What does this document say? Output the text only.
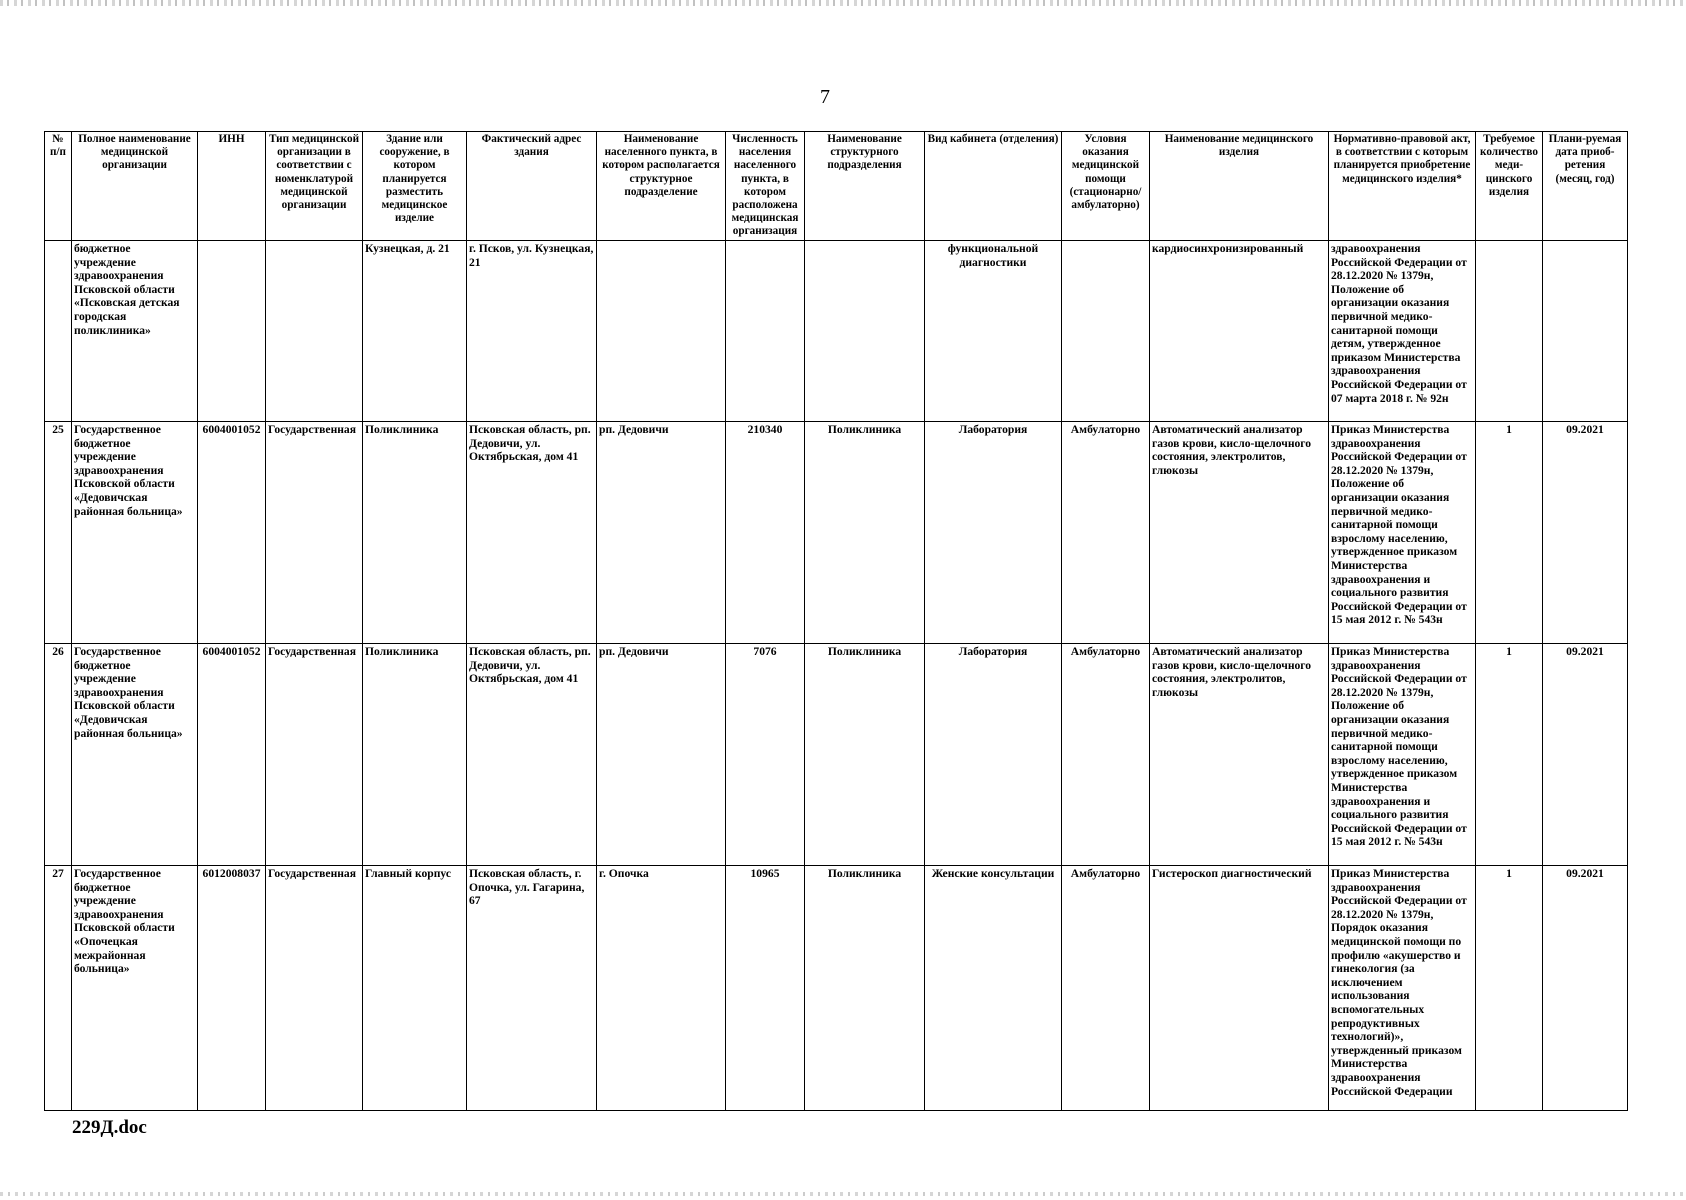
7
№ п/п	Полное наименование медицинской организации	ИНН	Тип медицинской организации в соответствии с номенклатурой медицинской организации	Здание или сооружение, в котором планируется разместить медицинское изделие	Фактический адрес здания	Наименование населенного пункта, в котором располагается структурное подразделение	Численность населения населенного пункта, в котором расположена медицинская организация	Наименование структурного подразделения	Вид кабинета (отделения)	Условия оказания медицинской помощи (стационарно/ амбулаторно)	Наименование медицинского изделия	Нормативно-правовой акт, в соответствии с которым планируется приобретение медицинского изделия*	Требуемое количество меди-цинского изделия	Плани-руемая дата приоб-ретения (месяц, год)
	бюджетное учреждение здравоохранения Псковской области «Псковская детская городская поликлиника»			Кузнецкая, д. 21	г. Псков, ул. Кузнецкая, 21				функциональной диагностики		кардиосинхронизированный	здравоохранения Российской Федерации от 28.12.2020 № 1379н, Положение об организации оказания первичной медико-санитарной помощи детям, утвержденное приказом Министерства здравоохранения Российской Федерации от 07 марта 2018 г. № 92н		
25	Государственное бюджетное учреждение здравоохранения Псковской области «Дедовичская районная больница»	6004001052	Государственная	Поликлиника	Псковская область, рп. Дедовичи, ул. Октябрьская, дом 41	рп. Дедовичи	210340	Поликлиника	Лаборатория	Амбулаторно	Автоматический анализатор газов крови, кисло-щелочного состояния, электролитов, глюкозы	Приказ Министерства здравоохранения Российской Федерации от 28.12.2020 № 1379н, Положение об организации оказания первичной медико-санитарной помощи взрослому населению, утвержденное приказом Министерства здравоохранения и социального развития Российской Федерации от 15 мая 2012 г. № 543н	1	09.2021
26	Государственное бюджетное учреждение здравоохранения Псковской области «Дедовичская районная больница»	6004001052	Государственная	Поликлиника	Псковская область, рп. Дедовичи, ул. Октябрьская, дом 41	рп. Дедовичи	7076	Поликлиника	Лаборатория	Амбулаторно	Автоматический анализатор газов крови, кисло-щелочного состояния, электролитов, глюкозы	Приказ Министерства здравоохранения Российской Федерации от 28.12.2020 № 1379н, Положение об организации оказания первичной медико-санитарной помощи взрослому населению, утвержденное приказом Министерства здравоохранения и социального развития Российской Федерации от 15 мая 2012 г. № 543н	1	09.2021
27	Государственное бюджетное учреждение здравоохранения Псковской области «Опочецкая межрайонная больница»	6012008037	Государственная	Главный корпус	Псковская область, г. Опочка, ул. Гагарина, 67	г. Опочка	10965	Поликлиника	Женские консультации	Амбулаторно	Гистероскоп диагностический	Приказ Министерства здравоохранения Российской Федерации от 28.12.2020 № 1379н, Порядок оказания медицинской помощи по профилю «акушерство и гинекология (за исключением использования вспомогательных репродуктивных технологий)», утвержденный приказом Министерства здравоохранения Российской Федерации	1	09.2021
229Д.doc
